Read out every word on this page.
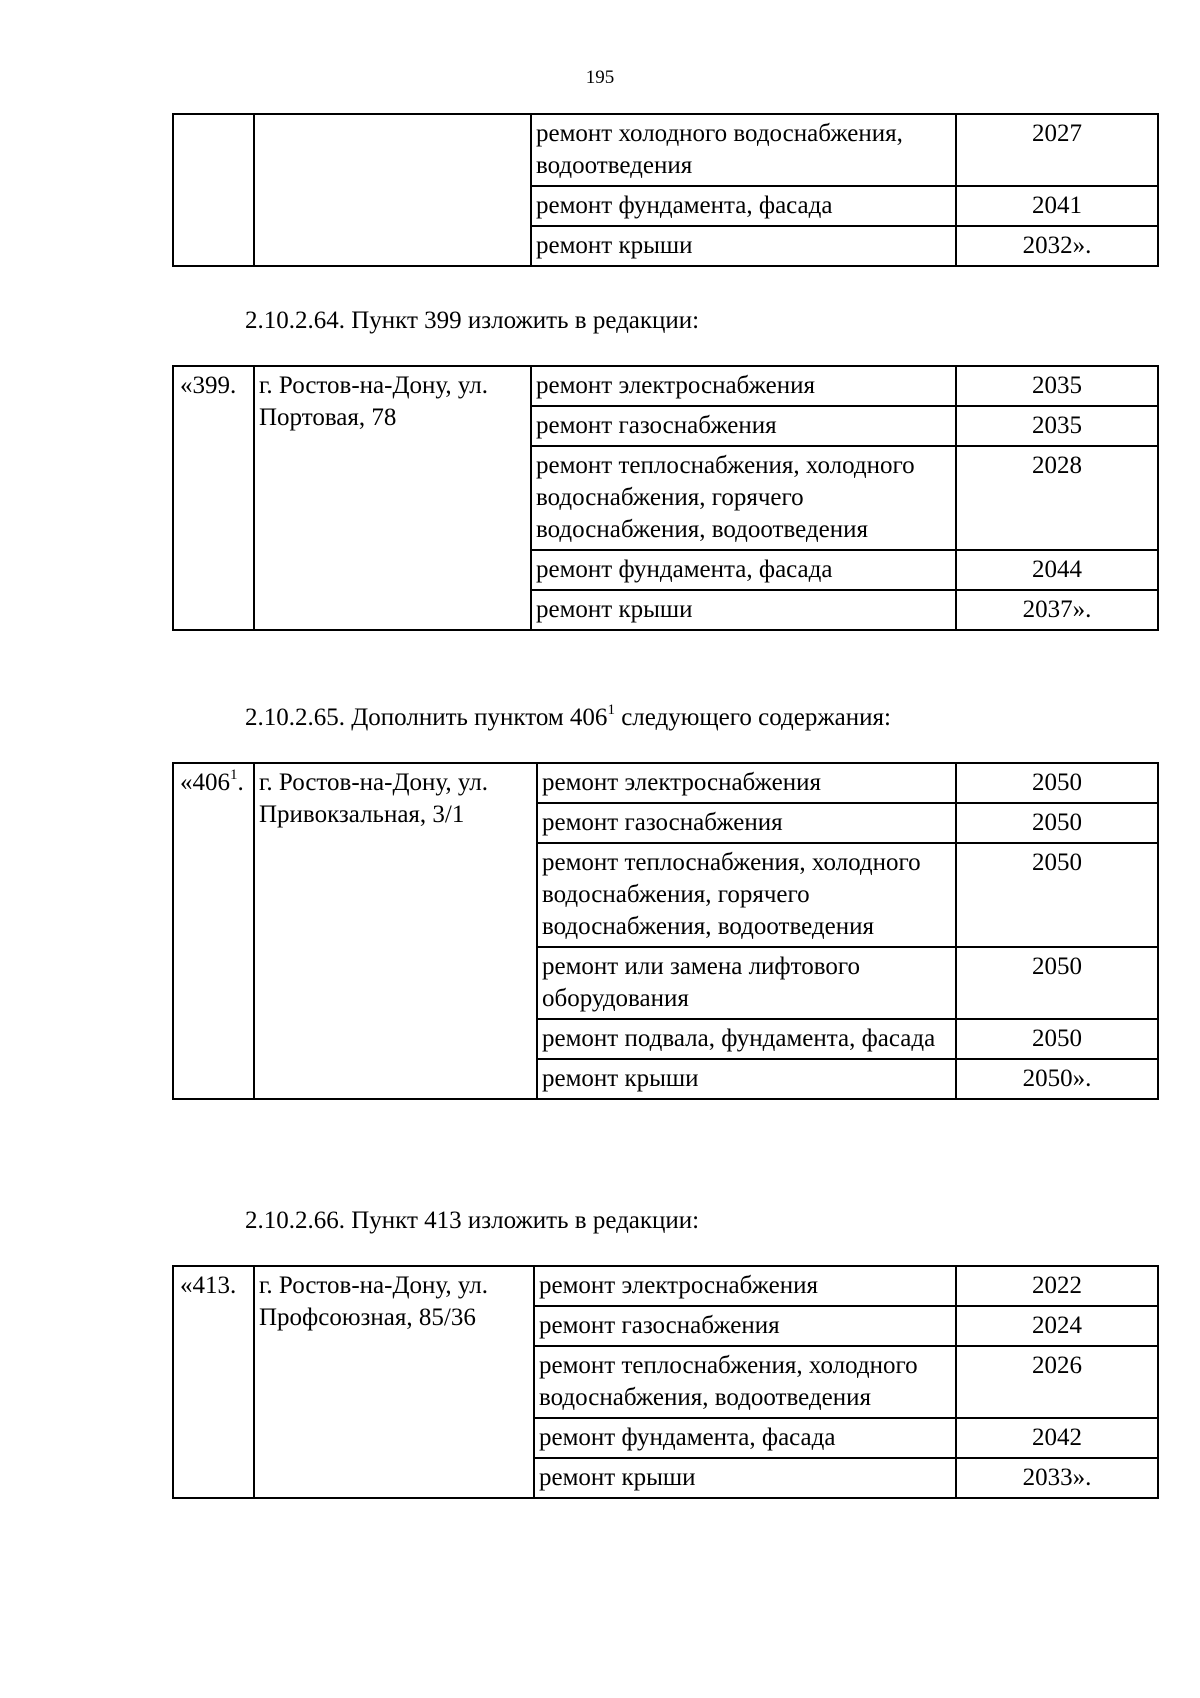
195
		ремонт холодного водоснабжения, водоотведения	2027
		ремонт фундамента, фасада	2041
		ремонт крыши	2032».
2.10.2.64. Пункт 399 изложить в редакции:
«399.	г. Ростов-на-Дону, ул. Портовая, 78	ремонт электроснабжения	2035
		ремонт газоснабжения	2035
		ремонт теплоснабжения, холодного водоснабжения, горячего водоснабжения, водоотведения	2028
		ремонт фундамента, фасада	2044
		ремонт крыши	2037».
2.10.2.65. Дополнить пунктом $406^1$ следующего содержания:
«$406^1$.	г. Ростов-на-Дону, ул. Привокзальная, 3/1	ремонт электроснабжения	2050
		ремонт газоснабжения	2050
		ремонт теплоснабжения, холодного водоснабжения, горячего водоснабжения, водоотведения	2050
		ремонт или замена лифтового оборудования	2050
		ремонт подвала, фундамента, фасада	2050
		ремонт крыши	2050».
2.10.2.66. Пункт 413 изложить в редакции:
«413.	г. Ростов-на-Дону, ул. Профсоюзная, 85/36	ремонт электроснабжения	2022
		ремонт газоснабжения	2024
		ремонт теплоснабжения, холодного водоснабжения, водоотведения	2026
		ремонт фундамента, фасада	2042
		ремонт крыши	2033».
